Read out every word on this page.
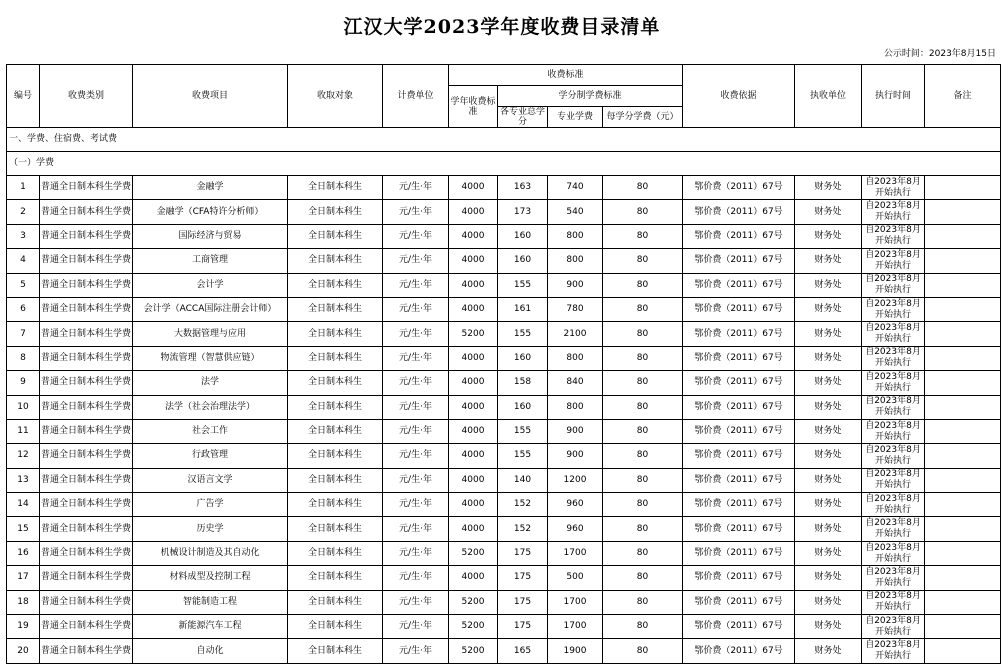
江汉大学2023学年度收费目录清单
公示时间：2023年8月15日
编号	收费类别	收费项目	收取对象	计费单位	收费标准				收费依据	执收单位	执行时间	备注
					学年收费标准	学分制学费标准						
						各专业总学分	专业学费	每学分学费（元）				
一、学费、住宿费、考试费												
（一）学费												
1	普通全日制本科生学费	金融学	全日制本科生	元/生·年	4000	163	740	80	鄂价费（2011）67号	财务处	自2023年8月开始执行	
2	普通全日制本科生学费	金融学（CFA特许分析师）	全日制本科生	元/生·年	4000	173	540	80	鄂价费（2011）67号	财务处	自2023年8月开始执行	
3	普通全日制本科生学费	国际经济与贸易	全日制本科生	元/生·年	4000	160	800	80	鄂价费（2011）67号	财务处	自2023年8月开始执行	
4	普通全日制本科生学费	工商管理	全日制本科生	元/生·年	4000	160	800	80	鄂价费（2011）67号	财务处	自2023年8月开始执行	
5	普通全日制本科生学费	会计学	全日制本科生	元/生·年	4000	155	900	80	鄂价费（2011）67号	财务处	自2023年8月开始执行	
6	普通全日制本科生学费	会计学（ACCA国际注册会计师）	全日制本科生	元/生·年	4000	161	780	80	鄂价费（2011）67号	财务处	自2023年8月开始执行	
7	普通全日制本科生学费	大数据管理与应用	全日制本科生	元/生·年	5200	155	2100	80	鄂价费（2011）67号	财务处	自2023年8月开始执行	
8	普通全日制本科生学费	物流管理（智慧供应链）	全日制本科生	元/生·年	4000	160	800	80	鄂价费（2011）67号	财务处	自2023年8月开始执行	
9	普通全日制本科生学费	法学	全日制本科生	元/生·年	4000	158	840	80	鄂价费（2011）67号	财务处	自2023年8月开始执行	
10	普通全日制本科生学费	法学（社会治理法学）	全日制本科生	元/生·年	4000	160	800	80	鄂价费（2011）67号	财务处	自2023年8月开始执行	
11	普通全日制本科生学费	社会工作	全日制本科生	元/生·年	4000	155	900	80	鄂价费（2011）67号	财务处	自2023年8月开始执行	
12	普通全日制本科生学费	行政管理	全日制本科生	元/生·年	4000	155	900	80	鄂价费（2011）67号	财务处	自2023年8月开始执行	
13	普通全日制本科生学费	汉语言文学	全日制本科生	元/生·年	4000	140	1200	80	鄂价费（2011）67号	财务处	自2023年8月开始执行	
14	普通全日制本科生学费	广告学	全日制本科生	元/生·年	4000	152	960	80	鄂价费（2011）67号	财务处	自2023年8月开始执行	
15	普通全日制本科生学费	历史学	全日制本科生	元/生·年	4000	152	960	80	鄂价费（2011）67号	财务处	自2023年8月开始执行	
16	普通全日制本科生学费	机械设计制造及其自动化	全日制本科生	元/生·年	5200	175	1700	80	鄂价费（2011）67号	财务处	自2023年8月开始执行	
17	普通全日制本科生学费	材料成型及控制工程	全日制本科生	元/生·年	4000	175	500	80	鄂价费（2011）67号	财务处	自2023年8月开始执行	
18	普通全日制本科生学费	智能制造工程	全日制本科生	元/生·年	5200	175	1700	80	鄂价费（2011）67号	财务处	自2023年8月开始执行	
19	普通全日制本科生学费	新能源汽车工程	全日制本科生	元/生·年	5200	175	1700	80	鄂价费（2011）67号	财务处	自2023年8月开始执行	
20	普通全日制本科生学费	自动化	全日制本科生	元/生·年	5200	165	1900	80	鄂价费（2011）67号	财务处	自2023年8月开始执行	
